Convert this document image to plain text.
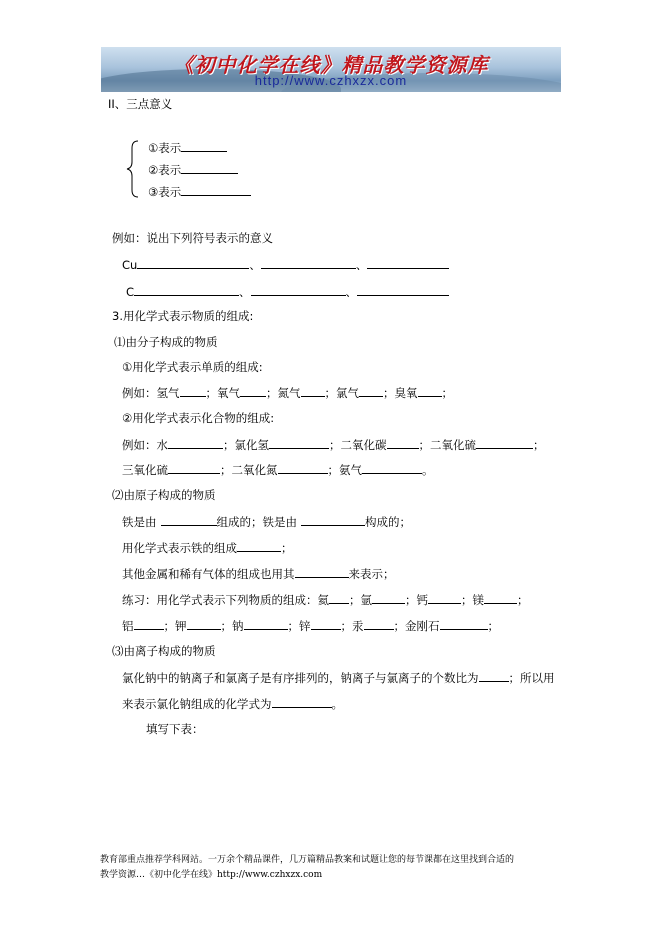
《初中化学在线》精品教学资源库
http://www.czhxzx.com
II、三点意义
①表示
②表示
③表示
例如：说出下列符号表示的意义
Cu	、	、
C	、	、
3.用化学式表示物质的组成:
⑴由分子构成的物质
①用化学式表示单质的组成:
例如：氢气 ；氧气 ；氮气 ；氯气 ；臭氧 ；
②用化学式表示化合物的组成:
例如：水	；氯化氢	；二氧化碳	；二氧化硫	；
三氧化硫	；二氧化氮	；氨气	。
⑵由原子构成的物质
铁是由	组成的；铁是由	构成的；
用化学式表示铁的组成	；
其他金属和稀有气体的组成也用其	来表示；
练习：用化学式表示下列物质的组成：氦 ；氩	；钙	；镁	；
铝	；钾	；钠	；锌	；汞	；金刚石	；
⑶由离子构成的物质
氯化钠中的钠离子和氯离子是有序排列的，钠离子与氯离子的个数比为	；所以用
来表示氯化钠组成的化学式为	。
填写下表：
教育部重点推荐学科网站。一万余个精品课件，几万篇精品教案和试题让您的每节课都在这里找到合适的
教学资源…《初中化学在线》http://www.czhxzx.com
